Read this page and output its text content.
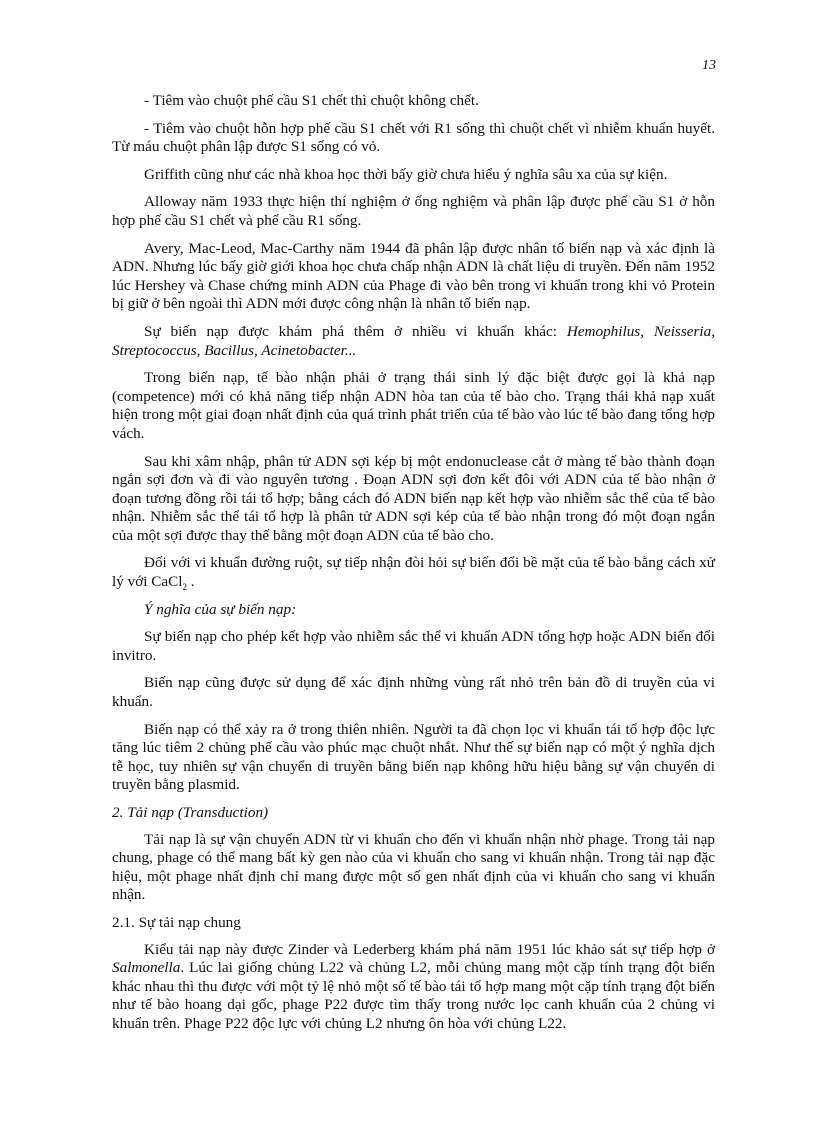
13

- Tiêm vào chuột phế cầu S1 chết thì chuột không chết.

- Tiêm vào chuột hỗn hợp phế cầu S1 chết với R1 sống thì chuột chết vì nhiễm khuẩn huyết. Từ máu chuột phân lập được S1 sống có vỏ.

Griffith cũng như các nhà khoa học thời bấy giờ chưa hiểu ý nghĩa sâu xa của sự kiện.

Alloway năm 1933 thực hiện thí nghiệm ở ống nghiệm và phân lập được phế cầu S1 ở hỗn hợp phế cầu S1 chết và phế cầu R1 sống.

Avery, Mac-Leod, Mac-Carthy năm 1944 đã phân lập được nhân tố biến nạp và xác định là ADN. Nhưng lúc bấy giờ giới khoa học chưa chấp nhận ADN là chất liệu di truyền. Đến năm 1952 lúc Hershey và Chase chứng minh ADN của Phage đi vào bên trong vi khuẩn trong khi vỏ Protein bị giữ ở bên ngoài thì ADN mới được công nhận là nhân tố biến nạp.

Sự biến nạp được khám phá thêm ở nhiều vi khuẩn khác: Hemophilus, Neisseria, Streptococcus, Bacillus, Acinetobacter...

Trong biến nạp, tế bào nhận phải ở trạng thái sinh lý đặc biệt được gọi là khả nạp (competence) mới có khả năng tiếp nhận ADN hòa tan của tế bào cho. Trạng thái khả nạp xuất hiện trong một giai đoạn nhất định của quá trình phát triển của tế bào vào lúc tế bào đang tổng hợp vách.

Sau khi xâm nhập, phân tử ADN sợi kép bị một endonuclease cắt ở màng tế bào thành đoạn ngắn sợi đơn và đi vào nguyên tương . Đoạn ADN sợi đơn kết đôi với ADN của tế bào nhận ở đoạn tương đồng rồi tái tổ hợp; bằng cách đó ADN biến nạp kết hợp vào nhiễm sắc thể của tế bào nhận. Nhiễm sắc thể tái tổ hợp là phân tử ADN sợi kép của tế bào nhận trong đó một đoạn ngắn của một sợi được thay thế bằng một đoạn ADN của tế bào cho.

Đối với vi khuẩn đường ruột, sự tiếp nhận đòi hỏi sự biến đổi bề mặt của tế bào bằng cách xử lý với CaCl$_2$ .

Ý nghĩa của sự biến nạp:

Sự biến nạp cho phép kết hợp vào nhiễm sắc thể vi khuẩn ADN tổng hợp hoặc ADN biến đổi invitro.

Biến nạp cũng được sử dụng để xác định những vùng rất nhỏ trên bản đồ di truyền của vi khuẩn.

Biến nạp có thể xảy ra ở trong thiên nhiên. Người ta đã chọn lọc vi khuẩn tái tổ hợp độc lực tăng lúc tiêm 2 chủng phế cầu vào phúc mạc chuột nhắt. Như thế sự biến nạp có một ý nghĩa dịch tễ học, tuy nhiên sự vận chuyển di truyền bằng biến nạp không hữu hiệu bằng sự vận chuyển di truyền bằng plasmid.

2. Tải nạp (Transduction)

Tải nạp là sự vận chuyển ADN từ vi khuẩn cho đến vi khuẩn nhận nhờ phage. Trong tải nạp chung, phage có thể mang bất kỳ gen nào của vi khuẩn cho sang vi khuẩn nhận. Trong tải nạp đặc hiệu, một phage nhất định chỉ mang được một số gen nhất định của vi khuẩn cho sang vi khuẩn nhận.

2.1. Sự tải nạp chung

Kiểu tải nạp này được Zinder và Lederberg khám phá năm 1951 lúc khảo sát sự tiếp hợp ở Salmonella. Lúc lai giống chủng L22 và chủng L2, mỗi chủng mang một cặp tính trạng đột biến khác nhau thì thu được với một tỷ lệ nhỏ một số tế bào tái tổ hợp mang một cặp tính trạng đột biến như tế bào hoang dại gốc, phage P22 được tìm thấy trong nước lọc canh khuẩn của 2 chủng vi khuẩn trên. Phage P22 độc lực với chủng L2 nhưng ôn hòa với chủng L22.
